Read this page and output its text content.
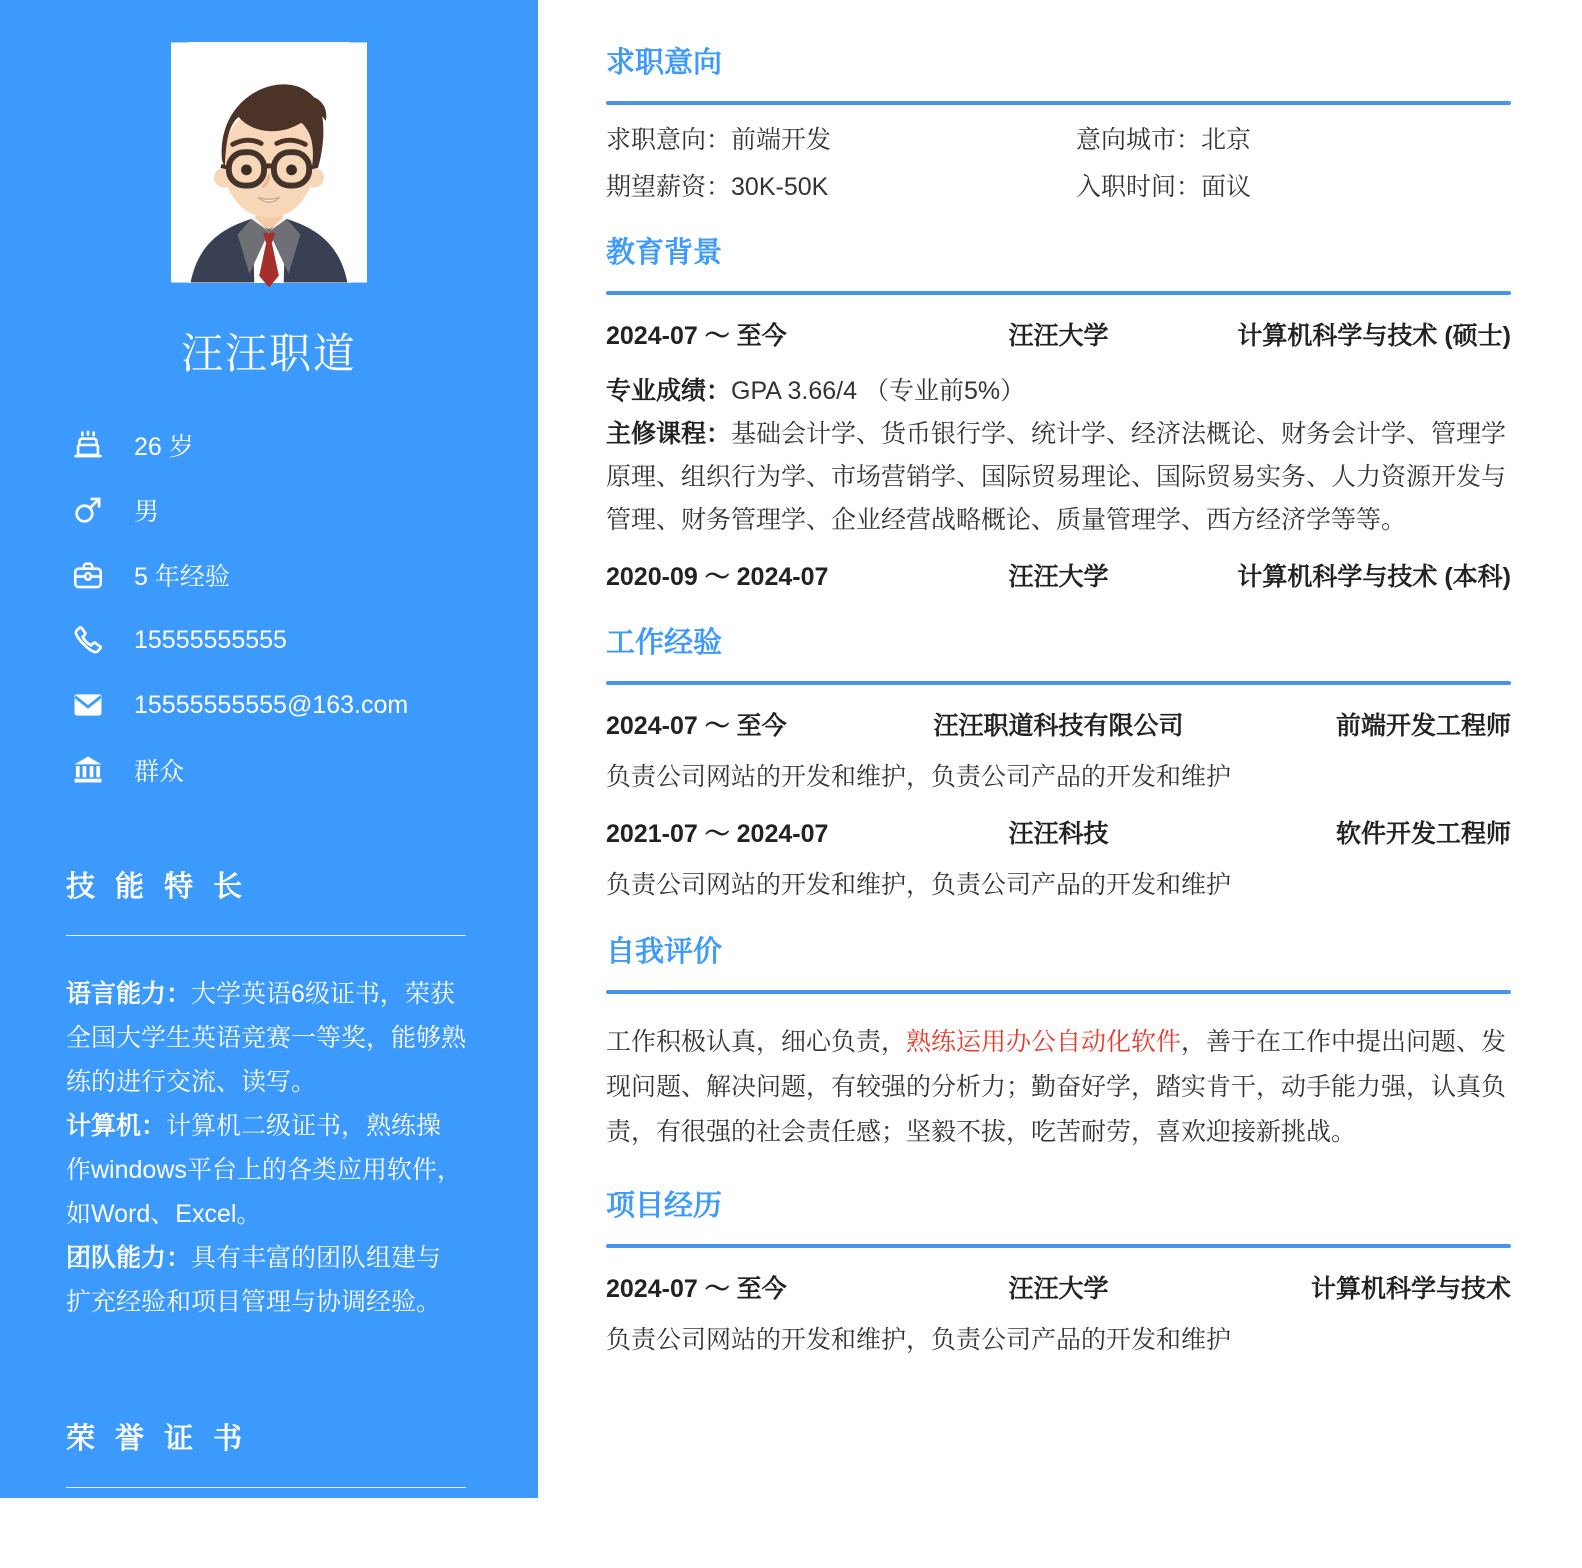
汪汪职道
26 岁
男
5 年经验
15555555555
15555555555@163.com
群众
技 能 特 长
语言能力：大学英语6级证书，荣获全国大学生英语竞赛一等奖，能够熟练的进行交流、读写。
计算机：计算机二级证书，熟练操作windows平台上的各类应用软件，如Word、Excel。
团队能力：具有丰富的团队组建与扩充经验和项目管理与协调经验。
荣 誉 证 书
英语四级，听说读写能力良好，能
求职意向
求职意向：前端开发	意向城市：北京
期望薪资：30K-50K	入职时间：面议
教育背景
2024-07 ～ 至今	汪汪大学	计算机科学与技术 (硕士)

专业成绩：GPA 3.66/4 （专业前5%）

主修课程：基础会计学、货币银行学、统计学、经济法概论、财务会计学、管理学原理、组织行为学、市场营销学、国际贸易理论、国际贸易实务、人力资源开发与管理、财务管理学、企业经营战略概论、质量管理学、西方经济学等等。

2020-09 ～ 2024-07	汪汪大学	计算机科学与技术 (本科)
工作经验
2024-07 ～ 至今	汪汪职道科技有限公司	前端开发工程师

负责公司网站的开发和维护，负责公司产品的开发和维护

2021-07 ～ 2024-07	汪汪科技	软件开发工程师

负责公司网站的开发和维护，负责公司产品的开发和维护

自我评价

工作积极认真，细心负责，熟练运用办公自动化软件，善于在工作中提出问题、发现问题、解决问题，有较强的分析力；勤奋好学，踏实肯干，动手能力强，认真负责，有很强的社会责任感；坚毅不拔，吃苦耐劳，喜欢迎接新挑战。

项目经历
2024-07 ～ 至今	汪汪大学	计算机科学与技术

负责公司网站的开发和维护，负责公司产品的开发和维护
